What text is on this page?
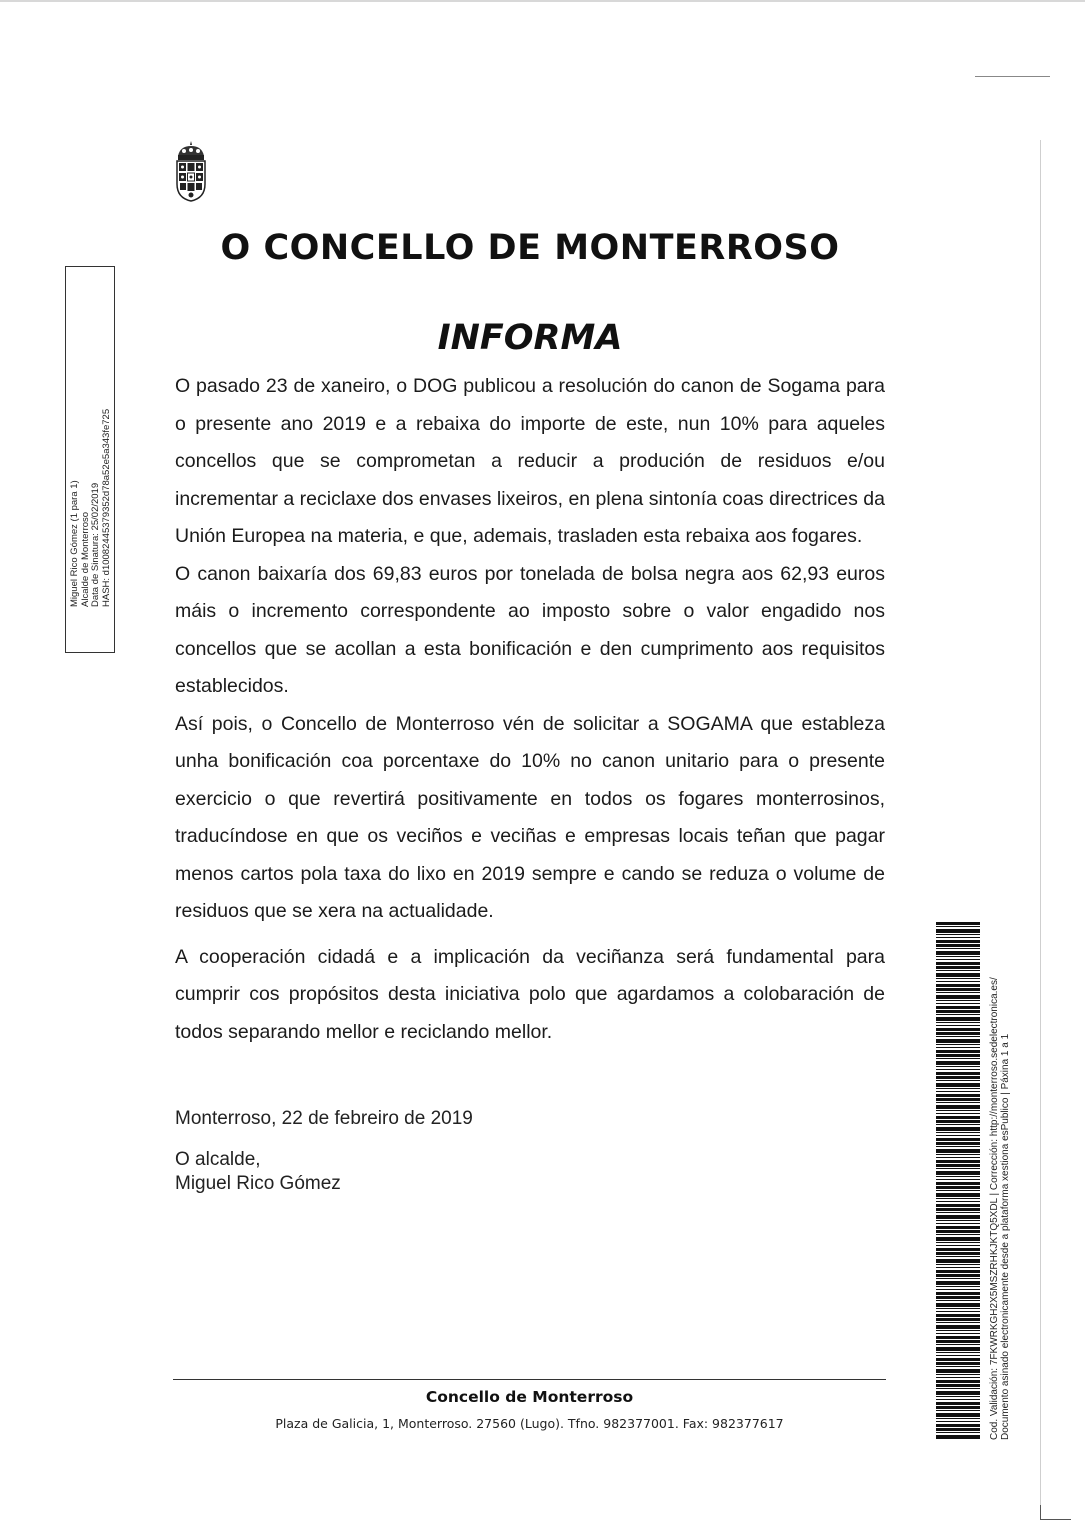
O CONCELLO DE MONTERROSO
INFORMA

O pasado 23 de xaneiro, o DOG publicou a resolución do canon de Sogama para o presente ano 2019 e a rebaixa do importe de este, nun 10% para aqueles concellos que se comprometan a reducir a produción de residuos e/ou incrementar a reciclaxe dos envases lixeiros, en plena sintonía coas directrices da Unión Europea na materia, e que, ademais, trasladen esta rebaixa aos fogares.

O canon baixaría dos 69,83 euros por tonelada de bolsa negra aos 62,93 euros máis o incremento correspondente ao imposto sobre o valor engadido nos concellos que se acollan a esta bonificación e den cumprimento aos requisitos establecidos.

Así pois, o Concello de Monterroso vén de solicitar a SOGAMA que estableza unha bonificación coa porcentaxe do 10% no canon unitario para o presente exercicio o que revertirá positivamente en todos os fogares monterrosinos, traducíndose en que os veciños e veciñas e empresas locais teñan que pagar menos cartos pola taxa do lixo en 2019 sempre e cando se reduza o volume de residuos que se xera na actualidade.

A cooperación cidadá e a implicación da veciñanza será fundamental para cumprir cos propósitos desta iniciativa polo que agardamos a colobaración de todos separando mellor e reciclando mellor.

Monterroso, 22 de febreiro de 2019

O alcalde,

Miguel Rico Gómez

Miguel Rico Gómez (1 para 1) Alcalde de Monterroso Data de Sinatura: 25/02/2019 HASH: d10082445379352d78a52e5a343fe725
Cod. Validación: 7FKWRKGH2X5MSZRHKJKTQ5XDL | Corrección: http://monterroso.sedelectronica.es/ Documento asinado electronicamente desde a plataforma xestiona esPublico | Páxina 1 a 1
Concello de Monterroso
Plaza de Galicia, 1, Monterroso. 27560 (Lugo). Tfno. 982377001. Fax: 982377617
